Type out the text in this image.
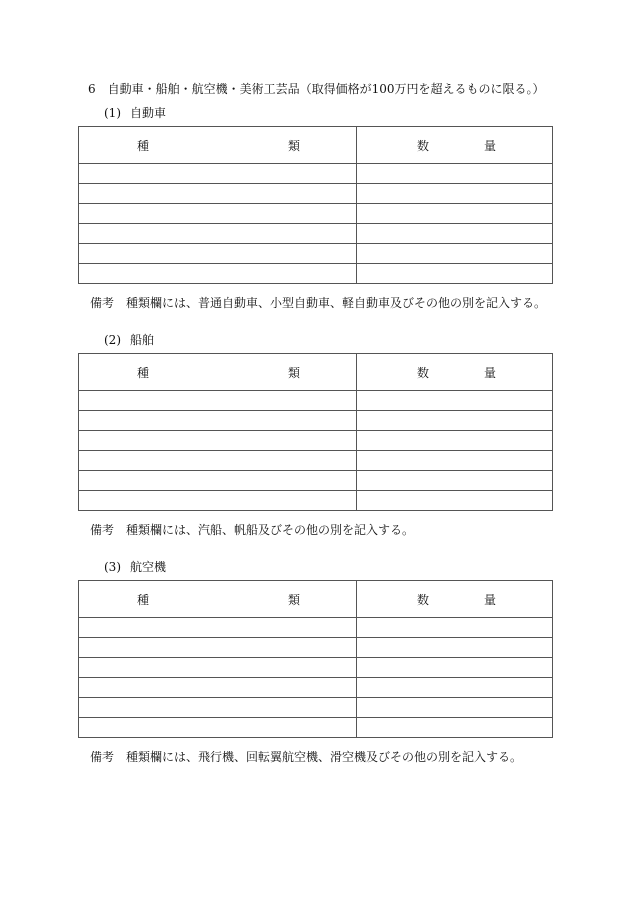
6　自動車・船舶・航空機・美術工芸品（取得価格が100万円を超えるものに限る。）
(1) 自動車
種 類	数 量

備考 種類欄には、普通自動車、小型自動車、軽自動車及びその他の別を記入する。
(2) 船舶
種 類	数 量

備考 種類欄には、汽船、帆船及びその他の別を記入する。
(3) 航空機
種 類	数 量

備考 種類欄には、飛行機、回転翼航空機、滑空機及びその他の別を記入する。
